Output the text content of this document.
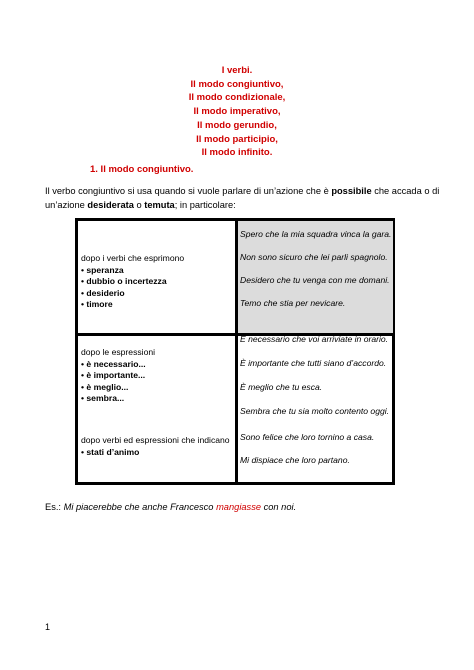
I verbi.
Il modo congiuntivo,
Il modo condizionale,
Il modo imperativo,
Il modo gerundio,
Il modo participio,
Il modo infinito.
1. Il modo congiuntivo.

Il verbo congiuntivo si usa quando si vuole parlare di un’azione che è possibile che accada o di un’azione desiderata o temuta; in particolare:

dopo i verbi che esprimono
• speranza
• dubbio o incertezza
• desiderio
• timore
Spero che la mia squadra vinca la gara.
Non sono sicuro che lei parli spagnolo.
Desidero che tu venga con me domani.
Temo che stia per nevicare.
dopo le espressioni
• è necessario...
• è importante...
• è meglio...
• sembra...
È necessario che voi arriviate in orario.
È importante che tutti siano d’accordo.
È meglio che tu esca.
Sembra che tu sia molto contento oggi.
dopo verbi ed espressioni che indicano
• stati d’animo
Sono felice che loro tornino a casa.
Mi dispiace che loro partano.
Es.: Mi piacerebbe che anche Francesco mangiasse con noi.
1
